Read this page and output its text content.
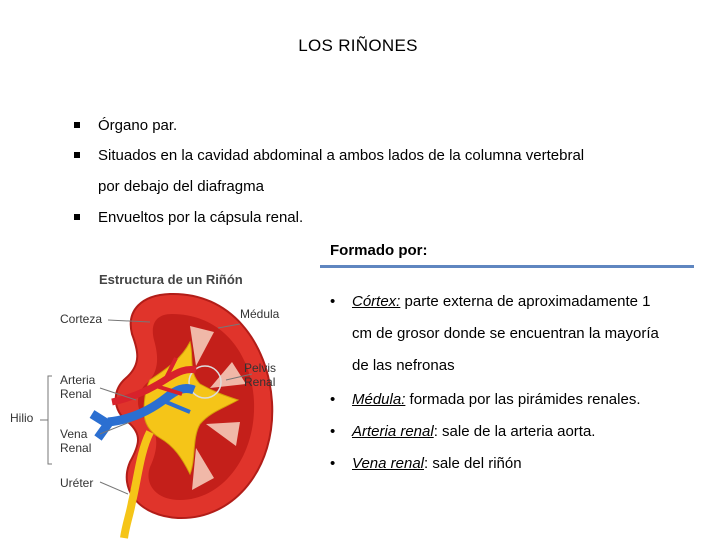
LOS RIÑONES
Órgano par.
Situados en la cavidad abdominal a ambos lados de la columna vertebral
por debajo del diafragma
Envueltos por la cápsula renal.
Formado por:
• Córtex: parte externa de aproximadamente 1
cm de grosor donde se encuentran la mayoría
de las nefronas
• Médula: formada por las pirámides renales.
• Arteria renal: sale de la arteria aorta.
• Vena renal: sale del riñón
Estructura de un Riñón
Corteza	Médula
Pelvis
Renal
Arteria
Renal
Hilio
Vena
Renal
Uréter
